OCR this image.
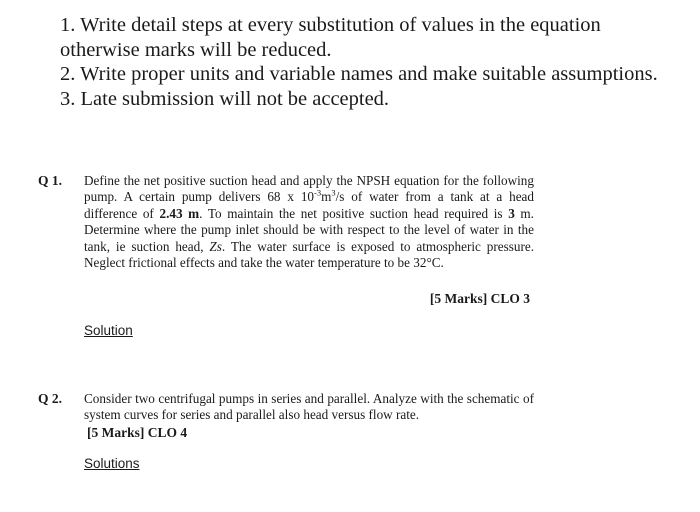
1. Write detail steps at every substitution of values in the equation otherwise marks will be reduced.

2. Write proper units and variable names and make suitable assumptions.

3. Late submission will not be accepted.

Q 1. Define the net positive suction head and apply the NPSH equation for the following pump. A certain pump delivers 68 x $10^{-3}m^3/s$ of water from a tank at a head difference of 2.43 m. To maintain the net positive suction head required is 3 m. Determine where the pump inlet should be with respect to the level of water in the tank, ie suction head, Zs. The water surface is exposed to atmospheric pressure. Neglect frictional effects and take the water temperature to be 32°C.
[5 Marks] CLO 3
Solution
Q 2. Consider two centrifugal pumps in series and parallel. Analyze with the schematic of system curves for series and parallel also head versus flow rate.
[5 Marks] CLO 4
Solutions
